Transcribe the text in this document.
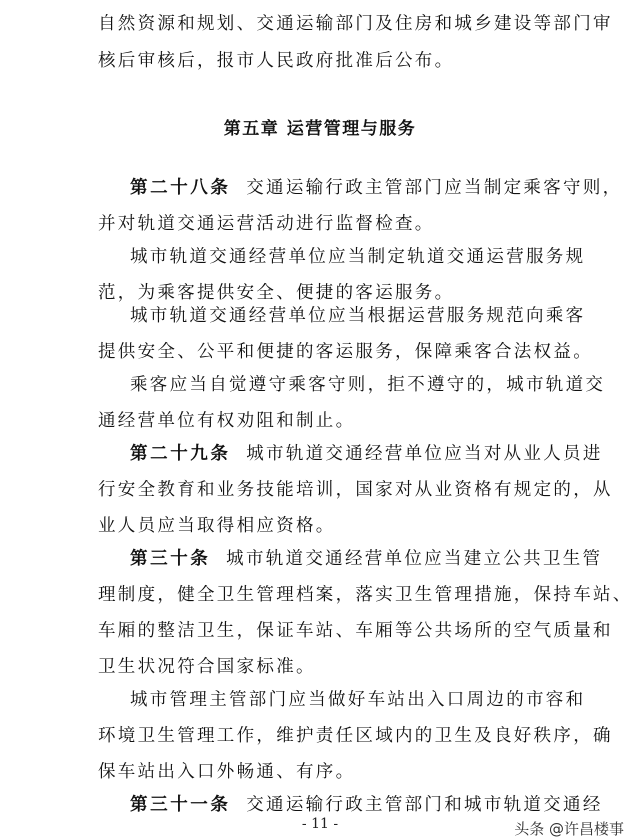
自然资源和规划、交通运输部门及住房和城乡建设等部门审
核后审核后，报市人民政府批准后公布。
第五章 运营管理与服务
第二十八条 交通运输行政主管部门应当制定乘客守则，
并对轨道交通运营活动进行监督检查。
城市轨道交通经营单位应当制定轨道交通运营服务规
范，为乘客提供安全、便捷的客运服务。
城市轨道交通经营单位应当根据运营服务规范向乘客
提供安全、公平和便捷的客运服务，保障乘客合法权益。
乘客应当自觉遵守乘客守则，拒不遵守的，城市轨道交
通经营单位有权劝阻和制止。
第二十九条 城市轨道交通经营单位应当对从业人员进
行安全教育和业务技能培训，国家对从业资格有规定的，从
业人员应当取得相应资格。
第三十条 城市轨道交通经营单位应当建立公共卫生管
理制度，健全卫生管理档案，落实卫生管理措施，保持车站、
车厢的整洁卫生，保证车站、车厢等公共场所的空气质量和
卫生状况符合国家标准。
城市管理主管部门应当做好车站出入口周边的市容和
环境卫生管理工作，维护责任区域内的卫生及良好秩序，确
保车站出入口外畅通、有序。
第三十一条 交通运输行政主管部门和城市轨道交通经
- 11 -	头条 @许昌楼事
